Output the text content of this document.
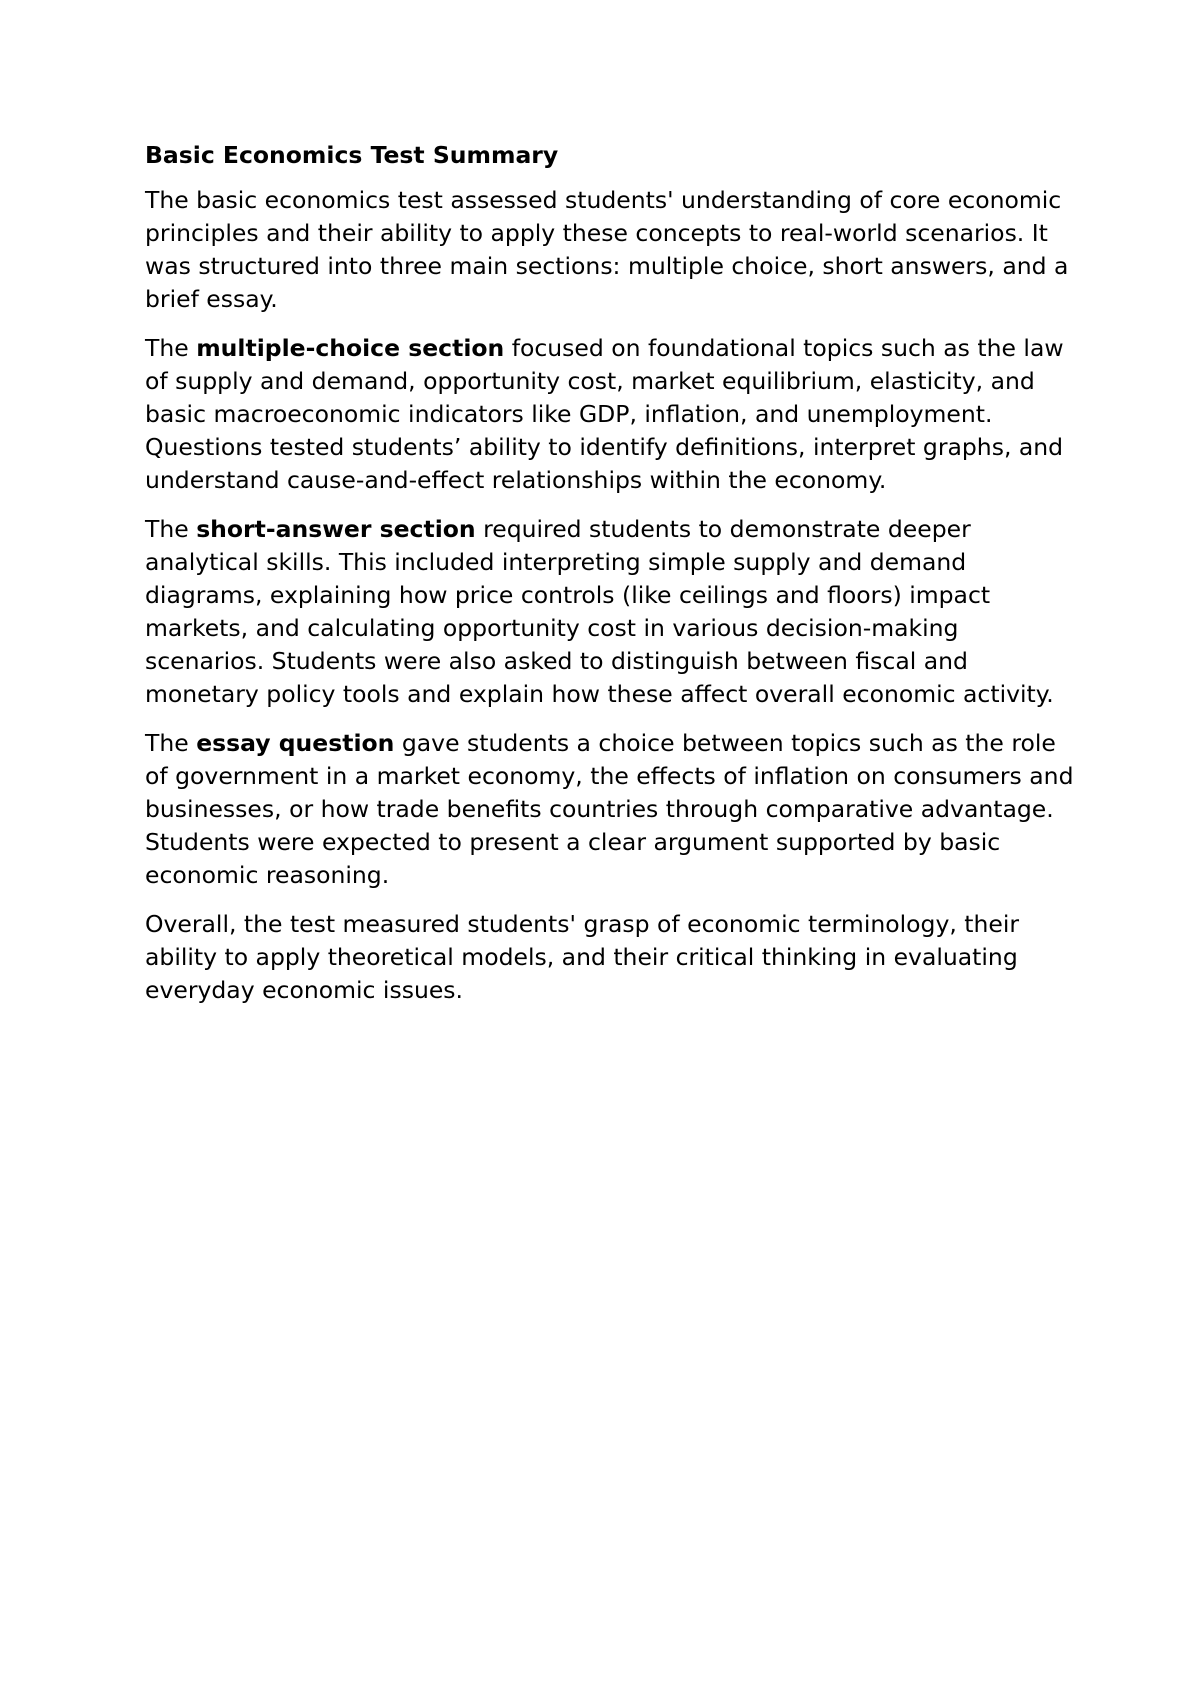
Basic Economics Test Summary

The basic economics test assessed students' understanding of core economic principles and their ability to apply these concepts to real-world scenarios. It was structured into three main sections: multiple choice, short answers, and a brief essay.

The multiple-choice section focused on foundational topics such as the law of supply and demand, opportunity cost, market equilibrium, elasticity, and basic macroeconomic indicators like GDP, inflation, and unemployment. Questions tested students’ ability to identify definitions, interpret graphs, and understand cause-and-effect relationships within the economy.

The short-answer section required students to demonstrate deeper analytical skills. This included interpreting simple supply and demand diagrams, explaining how price controls (like ceilings and floors) impact markets, and calculating opportunity cost in various decision-making scenarios. Students were also asked to distinguish between fiscal and monetary policy tools and explain how these affect overall economic activity.

The essay question gave students a choice between topics such as the role of government in a market economy, the effects of inflation on consumers and businesses, or how trade benefits countries through comparative advantage. Students were expected to present a clear argument supported by basic economic reasoning.

Overall, the test measured students' grasp of economic terminology, their ability to apply theoretical models, and their critical thinking in evaluating everyday economic issues.
